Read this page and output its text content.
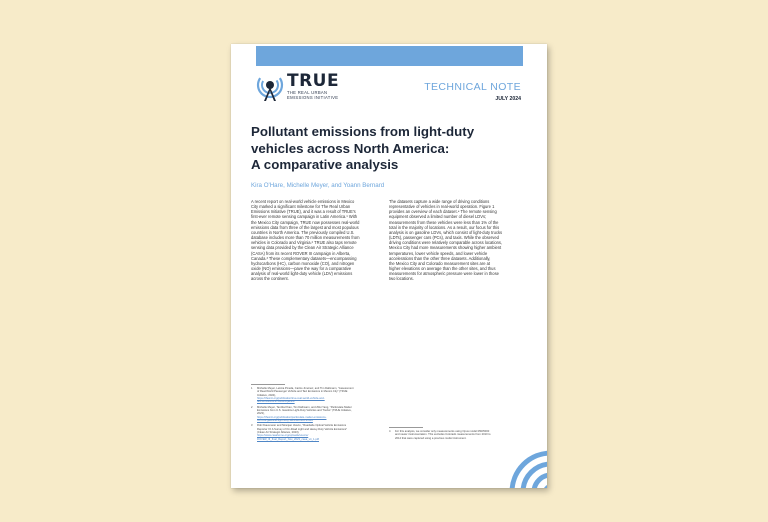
TRUE
THE REAL URBAN
EMISSIONS INITIATIVE
TECHNICAL NOTE
JULY 2024
Pollutant emissions from light-duty
vehicles across North America:
A comparative analysis
Kira O'Hare, Michelle Meyer, and Yoann Bernard
A recent report on real-world vehicle emissions in Mexico
City marked a significant milestone for The Real Urban
Emissions Initiative (TRUE), and it was a result of TRUE's
first-ever remote sensing campaign in Latin America.¹ With
the Mexico City campaign, TRUE now possesses real-world
emissions data from three of the largest and most populous
countries in North America. The previously compiled U.S.
database includes more than 70 million measurements from
vehicles in Colorado and Virginia.² TRUE also taps remote
sensing data provided by the Clean Air Strategic Alliance
(CASA) from its recent ROVER III campaign in Alberta,
Canada.³ These complementary datasets—encompassing
hydrocarbons (HC), carbon monoxide (CO), and nitrogen
oxide (NO) emissions—pave the way for a comparative
analysis of real-world light-duty vehicle (LDV) emissions
across the continent.
The datasets capture a wide range of driving conditions
representative of vehicles in real-world operation. Figure 1
provides an overview of each dataset.⁴ The remote sensing
equipment observed a limited number of diesel LDVs;
measurements from these vehicles were less than 1% of the
total in the majority of locations. As a result, our focus for this
analysis is on gasoline LDVs, which consist of light-duty trucks
(LDTs), passenger cars (PCs), and taxis. While the observed
driving conditions were relatively comparable across locations,
Mexico City had more measurements showing higher ambient
temperatures, lower vehicle speeds, and lower vehicle
accelerations than the other three datasets. Additionally,
the Mexico City and Colorado measurement sites are at
higher elevations on average than the other sites, and thus
measurements for atmospheric pressure were lower in those
two locations.
1	Michelle Meyer, Leticia Pineda, Carlos Jiménez, and Tim Dallmann, "Assessment
of Real-World Passenger Vehicle and Taxi Emissions in Mexico City" (TRUE
Initiative, 2024),
https://theicct.org/publication/true-real-world-vehicle-and-
taxi-emissions-in-mexico-jan24/
2	Michelle Meyer, Tanzila Khan, Tim Dallmann, and Zifei Yang, "Particulate Matter
Emissions from U.S. Gasoline Light-Duty Vehicles and Trucks" (TRUE Initiative,
2023),
https://theicct.org/publication/particulate-matter-emissions-
from-us-gasoline-light-duty-vehicles-and-trucks
3	Rob Klausmeier and Niranjan Vescio, "Roadside Optical Vehicle Emissions
Reporter III: A Survey of On-Road Light and Heavy-Duty Vehicle Emissions"
(Clean Air Strategic Alliance, 2023),
https://www.casahome.org/uploads/source/
ROVER_III_final_Report_Nov_2023_casa_v4_1.pdf
4	For this analysis, we consider only measurements using Opus model RSD5000
and newer instrumentation. This excludes Colorado measurements from 2010 to
2014 that were captured using a previous model instrument.
